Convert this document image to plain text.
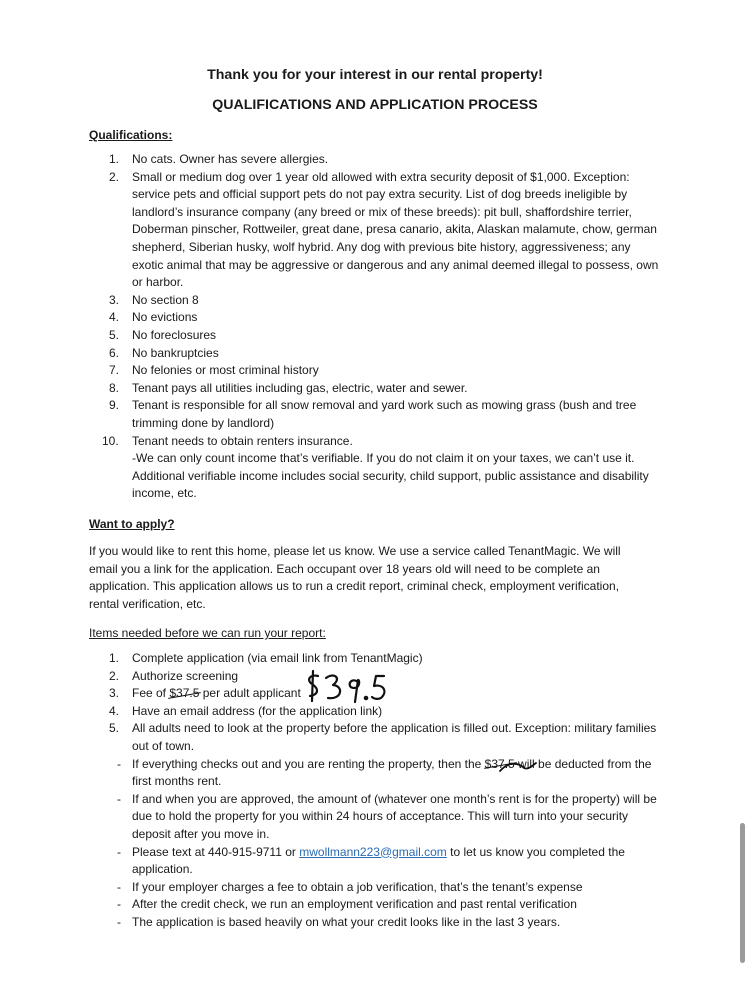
Thank you for your interest in our rental property!
QUALIFICATIONS AND APPLICATION PROCESS
Qualifications:
1. No cats. Owner has severe allergies.
2. Small or medium dog over 1 year old allowed with extra security deposit of $1,000. Exception: service pets and official support pets do not pay extra security. List of dog breeds ineligible by landlord’s insurance company (any breed or mix of these breeds): pit bull, shaffordshire terrier, Doberman pinscher, Rottweiler, great dane, presa canario, akita, Alaskan malamute, chow, german shepherd, Siberian husky, wolf hybrid. Any dog with previous bite history, aggressiveness; any exotic animal that may be aggressive or dangerous and any animal deemed illegal to possess, own or harbor.
3. No section 8
4. No evictions
5. No foreclosures
6. No bankruptcies
7. No felonies or most criminal history
8. Tenant pays all utilities including gas, electric, water and sewer.
9. Tenant is responsible for all snow removal and yard work such as mowing grass (bush and tree trimming done by landlord)
10. Tenant needs to obtain renters insurance.
-We can only count income that’s verifiable. If you do not claim it on your taxes, we can’t use it. Additional verifiable income includes social security, child support, public assistance and disability income, etc.
Want to apply?

If you would like to rent this home, please let us know. We use a service called TenantMagic. We will email you a link for the application. Each occupant over 18 years old will need to be complete an application. This application allows us to run a credit report, criminal check, employment verification, rental verification, etc.

Items needed before we can run your report:
1. Complete application (via email link from TenantMagic)
2. Authorize screening
3. Fee of $37.5 per adult applicant
4. Have an email address (for the application link)
5. All adults need to look at the property before the application is filled out. Exception: military families out of town.
- If everything checks out and you are renting the property, then the $37.5 will be deducted from the first months rent.
- If and when you are approved, the amount of (whatever one month’s rent is for the property) will be due to hold the property for you within 24 hours of acceptance. This will turn into your security deposit after you move in.
- Please text at 440-915-9711 or mwollmann223@gmail.com to let us know you completed the application.
- If your employer charges a fee to obtain a job verification, that’s the tenant’s expense
- After the credit check, we run an employment verification and past rental verification
- The application is based heavily on what your credit looks like in the last 3 years.
$39.5
